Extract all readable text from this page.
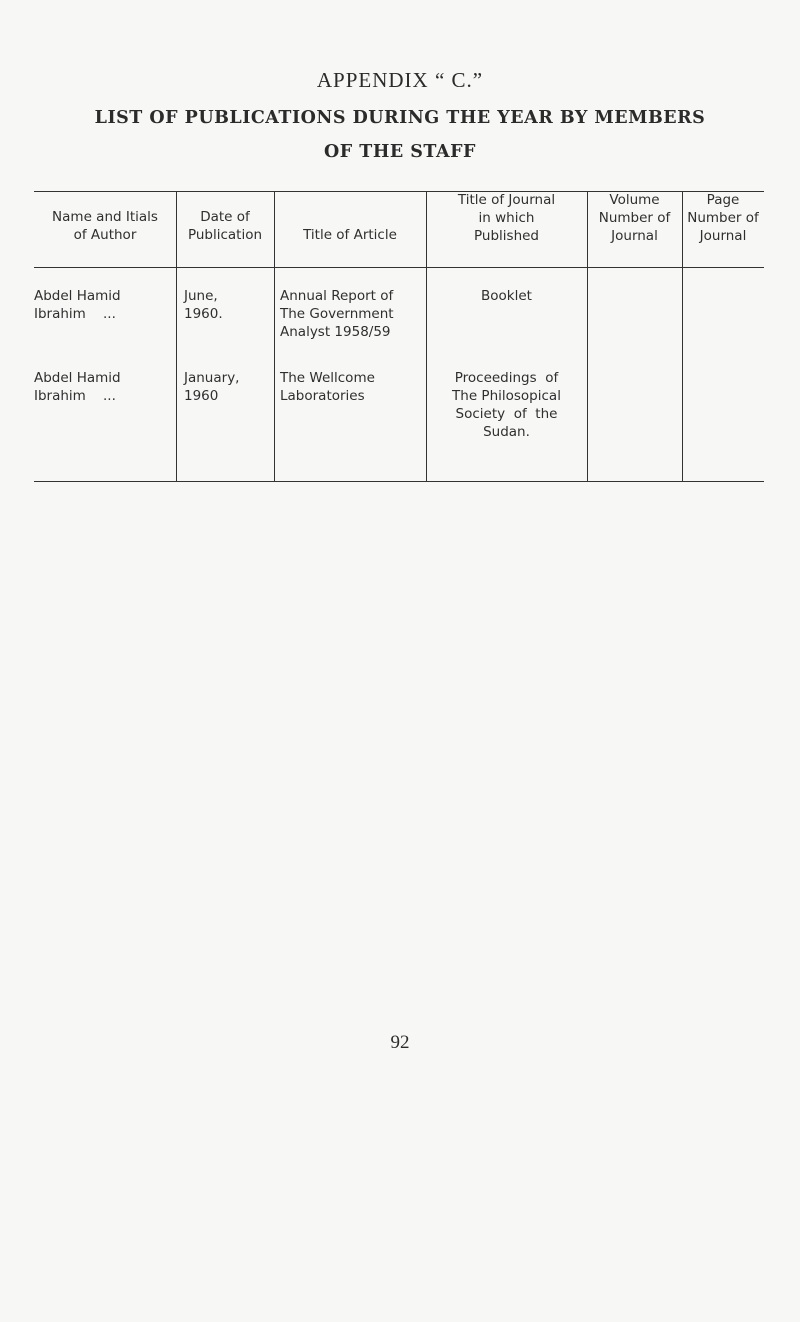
APPENDIX “ C.”
LIST OF PUBLICATIONS DURING THE YEAR BY MEMBERS
OF THE STAFF
Name and Itials
of Author
Date of
Publication	Title of Article
Title of Journal
in which
Published
Volume
Number of
Journal
Page
Number of
Journal
Abdel Hamid
Ibrahim    ...
June,
1960.
Annual Report of
The Government
Analyst 1958/59
Booklet
Abdel Hamid
Ibrahim    ...
January,
1960
The Wellcome
Laboratories
Proceedings  of
The Philosopical
Society  of  the
Sudan.
92
